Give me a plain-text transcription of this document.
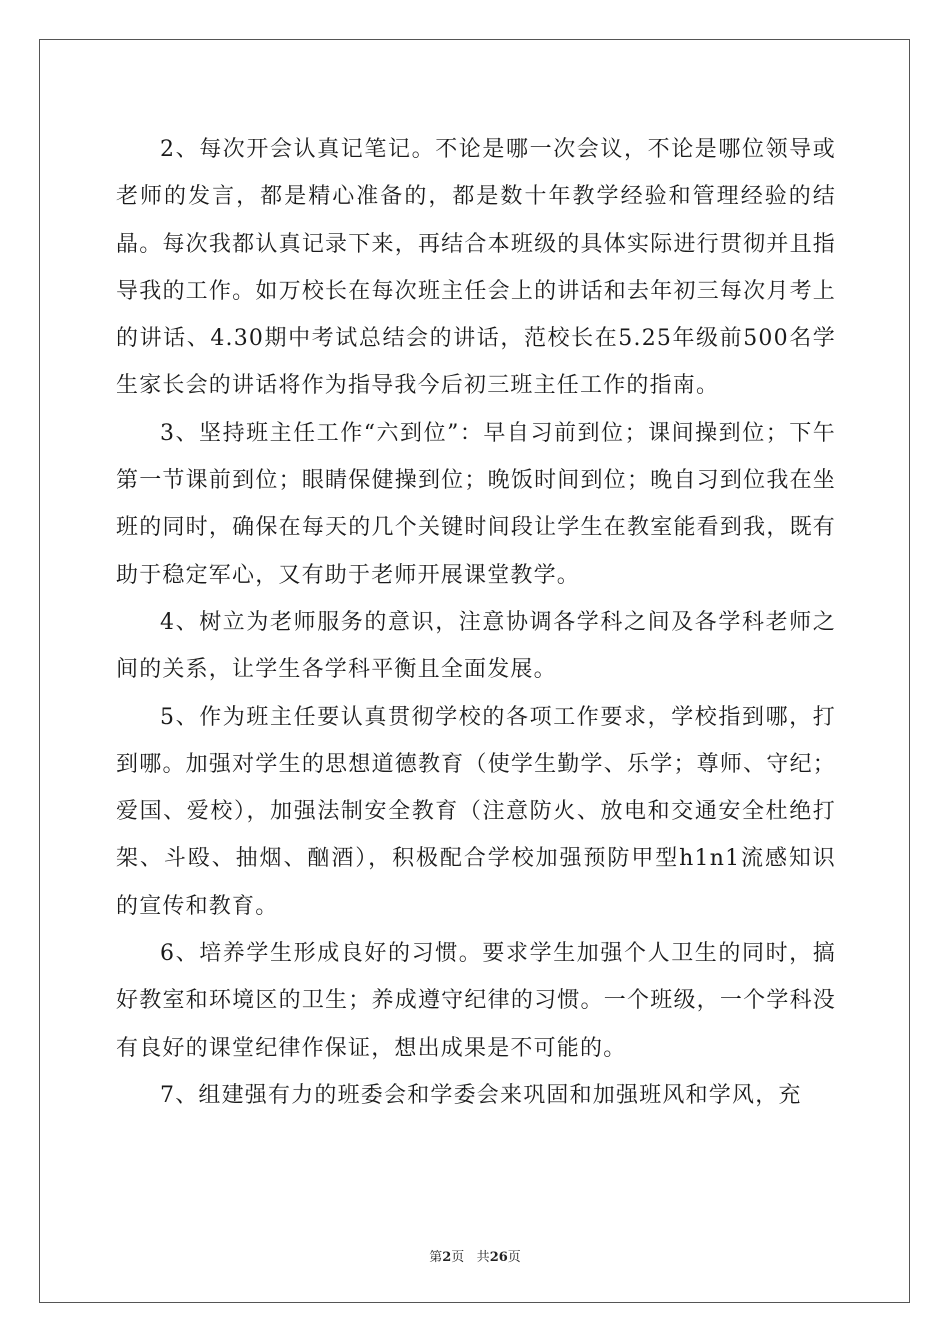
2、每次开会认真记笔记。不论是哪一次会议，不论是哪位领导或老师的发言，都是精心准备的，都是数十年教学经验和管理经验的结晶。每次我都认真记录下来，再结合本班级的具体实际进行贯彻并且指导我的工作。如万校长在每次班主任会上的讲话和去年初三每次月考上的讲话、4.30期中考试总结会的讲话，范校长在5.25年级前500名学生家长会的讲话将作为指导我今后初三班主任工作的指南。

3、坚持班主任工作“六到位”：早自习前到位；课间操到位；下午第一节课前到位；眼睛保健操到位；晚饭时间到位；晚自习到位我在坐班的同时，确保在每天的几个关键时间段让学生在教室能看到我，既有助于稳定军心，又有助于老师开展课堂教学。

4、树立为老师服务的意识，注意协调各学科之间及各学科老师之间的关系，让学生各学科平衡且全面发展。

5、作为班主任要认真贯彻学校的各项工作要求，学校指到哪，打到哪。加强对学生的思想道德教育（使学生勤学、乐学；尊师、守纪；爱国、爱校），加强法制安全教育（注意防火、放电和交通安全杜绝打架、斗殴、抽烟、酗酒），积极配合学校加强预防甲型h1n1流感知识的宣传和教育。

6、培养学生形成良好的习惯。要求学生加强个人卫生的同时，搞好教室和环境区的卫生；养成遵守纪律的习惯。一个班级，一个学科没有良好的课堂纪律作保证，想出成果是不可能的。

7、组建强有力的班委会和学委会来巩固和加强班风和学风，充

第2页 共26页
